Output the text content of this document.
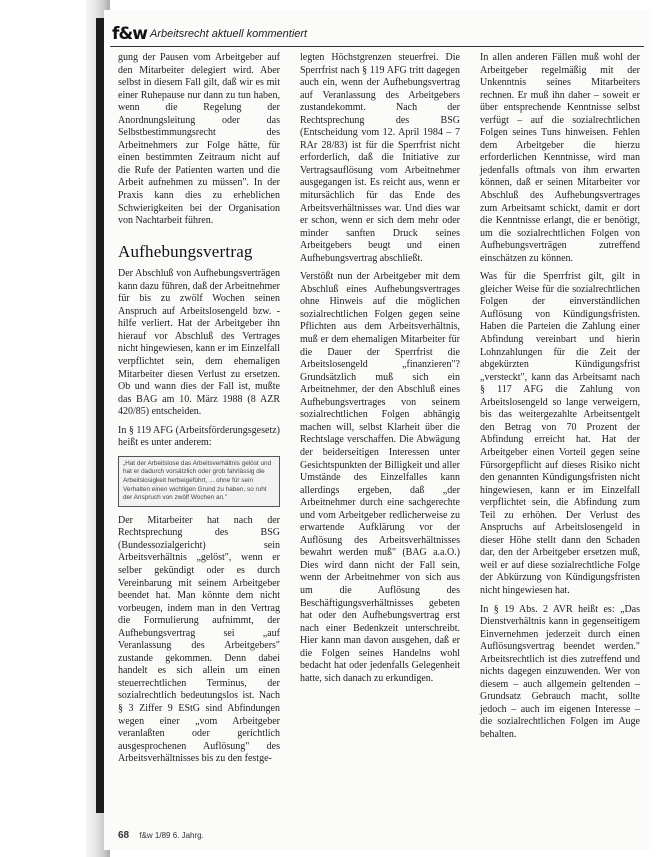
f&w Arbeitsrecht aktuell kommentiert

gung der Pausen vom Arbeitgeber auf den Mitarbeiter delegiert wird. Aber selbst in diesem Fall gilt, daß wir es mit einer Ruhepause nur dann zu tun haben, wenn die Regelung der Anordnungsleitung oder das Selbstbestimmungsrecht des Arbeitnehmers zur Folge hätte, für einen bestimmten Zeitraum nicht auf die Rufe der Patienten warten und die Arbeit aufnehmen zu müssen". In der Praxis kann dies zu erheblichen Schwierigkeiten bei der Organisation von Nachtarbeit führen.

Aufhebungsvertrag

Der Abschluß von Aufhebungsverträgen kann dazu führen, daß der Arbeitnehmer für bis zu zwölf Wochen seinen Anspruch auf Arbeitslosengeld bzw. -hilfe verliert. Hat der Arbeitgeber ihn hierauf vor Abschluß des Vertrages nicht hingewiesen, kann er im Einzelfall verpflichtet sein, dem ehemaligen Mitarbeiter diesen Verlust zu ersetzen. Ob und wann dies der Fall ist, mußte das BAG am 10. März 1988 (8 AZR 420/85) entscheiden.

In § 119 AFG (Arbeitsförderungsgesetz) heißt es unter anderem:

„Hat der Arbeitslose das Arbeitsverhältnis gelöst und hat er dadurch vorsätzlich oder grob fahrlässig die Arbeitslosigkeit herbeigeführt, ... ohne für sein Verhalten einen wichtigen Grund zu haben, so ruht der Anspruch von zwölf Wochen an."

Der Mitarbeiter hat nach der Rechtsprechung des BSG (Bundessozialgericht) sein Arbeitsverhältnis „gelöst", wenn er selber gekündigt oder es durch Vereinbarung mit seinem Arbeitgeber beendet hat. Man könnte dem nicht vorbeugen, indem man in den Vertrag die Formulierung aufnimmt, der Aufhebungsvertrag sei „auf Veranlassung des Arbeitgebers" zustande gekommen. Denn dabei handelt es sich allein um einen steuerrechtlichen Terminus, der sozialrechtlich bedeutungslos ist. Nach § 3 Ziffer 9 EStG sind Abfindungen wegen einer „vom Arbeitgeber veranlaßten oder gerichtlich ausgesprochenen Auflösung" des Arbeitsverhältnisses bis zu den festge-

legten Höchstgrenzen steuerfrei. Die Sperrfrist nach § 119 AFG tritt dagegen auch ein, wenn der Aufhebungsvertrag auf Veranlassung des Arbeitgebers zustandekommt. Nach der Rechtsprechung des BSG (Entscheidung vom 12. April 1984 – 7 RAr 28/83) ist für die Sperrfrist nicht erforderlich, daß die Initiative zur Vertragsauflösung vom Arbeitnehmer ausgegangen ist. Es reicht aus, wenn er mitursächlich für das Ende des Arbeitsverhältnisses war. Und dies war er schon, wenn er sich dem mehr oder minder sanften Druck seines Arbeitgebers beugt und einen Aufhebungsvertrag abschließt.

Verstößt nun der Arbeitgeber mit dem Abschluß eines Aufhebungsvertrages ohne Hinweis auf die möglichen sozialrechtlichen Folgen gegen seine Pflichten aus dem Arbeitsverhältnis, muß er dem ehemaligen Mitarbeiter für die Dauer der Sperrfrist die Arbeitslosengeld „finanzieren"? Grundsätzlich muß sich ein Arbeitnehmer, der den Abschluß eines Aufhebungsvertrages von seinem sozialrechtlichen Folgen abhängig machen will, selbst Klarheit über die Rechtslage verschaffen. Die Abwägung der beiderseitigen Interessen unter Gesichtspunkten der Billigkeit und aller Umstände des Einzelfalles kann allerdings ergeben, daß „der Arbeitnehmer durch eine sachgerechte und vom Arbeitgeber redlicherweise zu erwartende Aufklärung vor der Auflösung des Arbeitsverhältnisses bewahrt werden muß" (BAG a.a.O.) Dies wird dann nicht der Fall sein, wenn der Arbeitnehmer von sich aus um die Auflösung des Beschäftigungsverhältnisses gebeten hat oder den Aufhebungsvertrag erst nach einer Bedenkzeit unterschreibt. Hier kann man davon ausgehen, daß er die Folgen seines Handelns wohl bedacht hat oder jedenfalls Gelegenheit hatte, sich danach zu erkundigen.

In allen anderen Fällen muß wohl der Arbeitgeber regelmäßig mit der Unkenntnis seines Mitarbeiters rechnen. Er muß ihn daher – soweit er über entsprechende Kenntnisse selbst verfügt – auf die sozialrechtlichen Folgen seines Tuns hinweisen. Fehlen dem Arbeitgeber die hierzu erforderlichen Kenntnisse, wird man jedenfalls oftmals von ihm erwarten können, daß er seinen Mitarbeiter vor Abschluß des Aufhebungsvertrages zum Arbeitsamt schickt, damit er dort die Kenntnisse erlangt, die er benötigt, um die sozialrechtlichen Folgen von Aufhebungsverträgen zutreffend einschätzen zu können.

Was für die Sperrfrist gilt, gilt in gleicher Weise für die sozialrechtlichen Folgen der einverständlichen Auflösung von Kündigungsfristen. Haben die Parteien die Zahlung einer Abfindung vereinbart und hierin Lohnzahlungen für die Zeit der abgekürzten Kündigungsfrist „versteckt", kann das Arbeitsamt nach § 117 AFG die Zahlung von Arbeitslosengeld so lange verweigern, bis das weitergezahlte Arbeitsentgelt den Betrag von 70 Prozent der Abfindung erreicht hat. Hat der Arbeitgeber einen Vorteil gegen seine Fürsorgepflicht auf dieses Risiko nicht den genannten Kündigungsfristen nicht hingewiesen, kann er im Einzelfall verpflichtet sein, die Abfindung zum Teil zu erhöhen. Der Verlust des Anspruchs auf Arbeitslosengeld in dieser Höhe stellt dann den Schaden dar, den der Arbeitgeber ersetzen muß, weil er auf diese sozialrechtliche Folge der Abkürzung von Kündigungsfristen nicht hingewiesen hat.

In § 19 Abs. 2 AVR heißt es: „Das Dienstverhältnis kann in gegenseitigem Einvernehmen jederzeit durch einen Auflösungsvertrag beendet werden." Arbeitsrechtlich ist dies zutreffend und nichts dagegen einzuwenden. Wer von diesem – auch allgemein geltenden – Grundsatz Gebrauch macht, sollte jedoch – auch im eigenen Interesse – die sozialrechtlichen Folgen im Auge behalten.

68 f&w 1/89 6. Jahrg.
